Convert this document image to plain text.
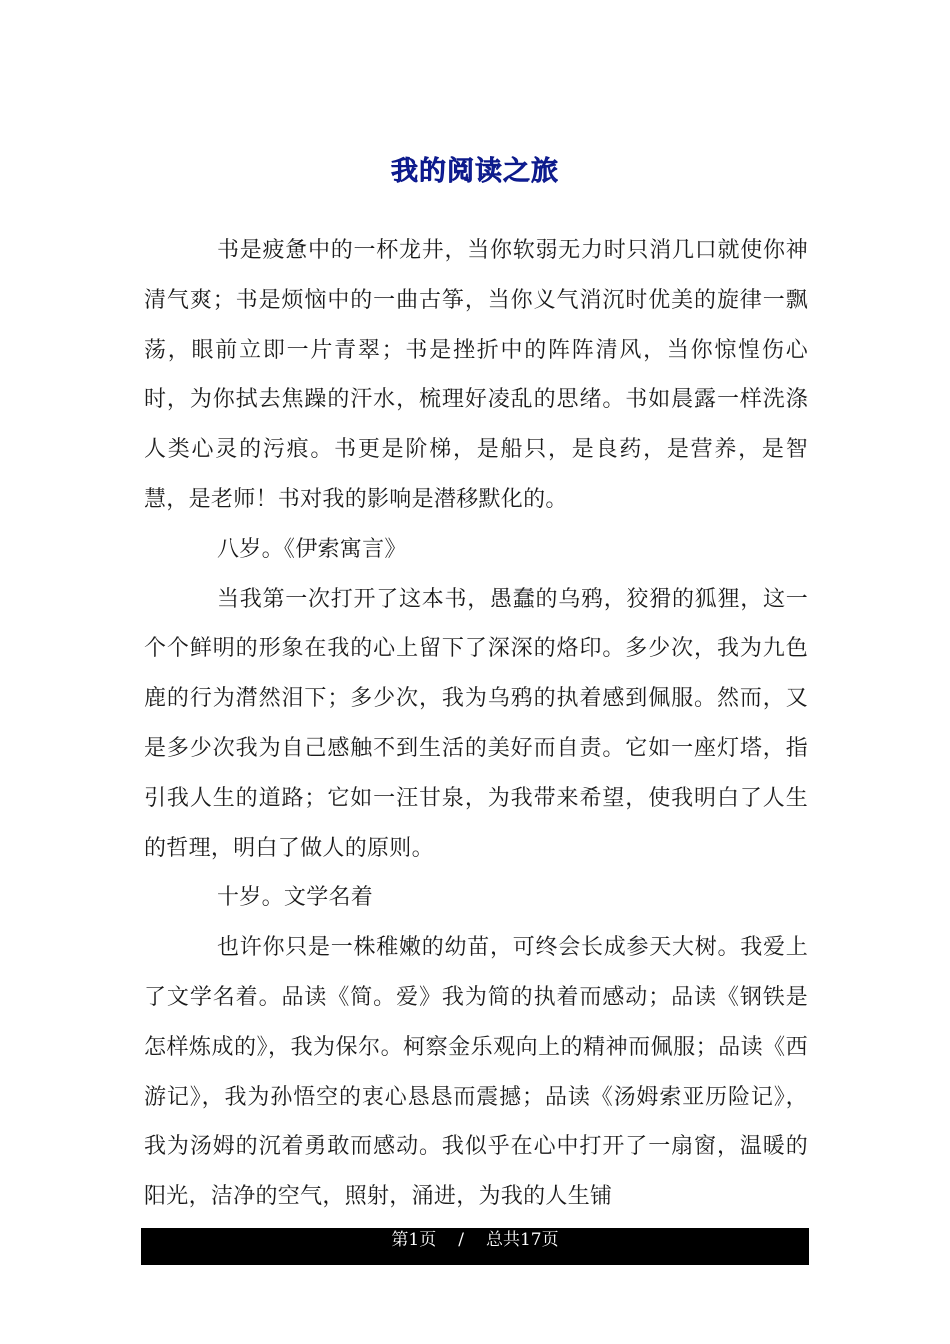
我的阅读之旅

书是疲惫中的一杯龙井，当你软弱无力时只消几口就使你神清气爽；书是烦恼中的一曲古筝，当你义气消沉时优美的旋律一飘荡，眼前立即一片青翠；书是挫折中的阵阵清风，当你惊惶伤心时，为你拭去焦躁的汗水，梳理好凌乱的思绪。书如晨露一样洗涤人类心灵的污痕。书更是阶梯，是船只，是良药，是营养，是智慧，是老师！书对我的影响是潜移默化的。

八岁。《伊索寓言》

当我第一次打开了这本书，愚蠢的乌鸦，狡猾的狐狸，这一个个鲜明的形象在我的心上留下了深深的烙印。多少次，我为九色鹿的行为潸然泪下；多少次，我为乌鸦的执着感到佩服。然而，又是多少次我为自己感触不到生活的美好而自责。它如一座灯塔，指引我人生的道路；它如一汪甘泉，为我带来希望，使我明白了人生的哲理，明白了做人的原则。

十岁。文学名着

也许你只是一株稚嫩的幼苗，可终会长成参天大树。我爱上了文学名着。品读《简。爱》我为简的执着而感动；品读《钢铁是怎样炼成的》，我为保尔。柯察金乐观向上的精神而佩服；品读《西游记》，我为孙悟空的衷心恳恳而震撼；品读《汤姆索亚历险记》，我为汤姆的沉着勇敢而感动。我似乎在心中打开了一扇窗，温暖的阳光，洁净的空气，照射，涌进，为我的人生铺

第1页 / 总共17页
